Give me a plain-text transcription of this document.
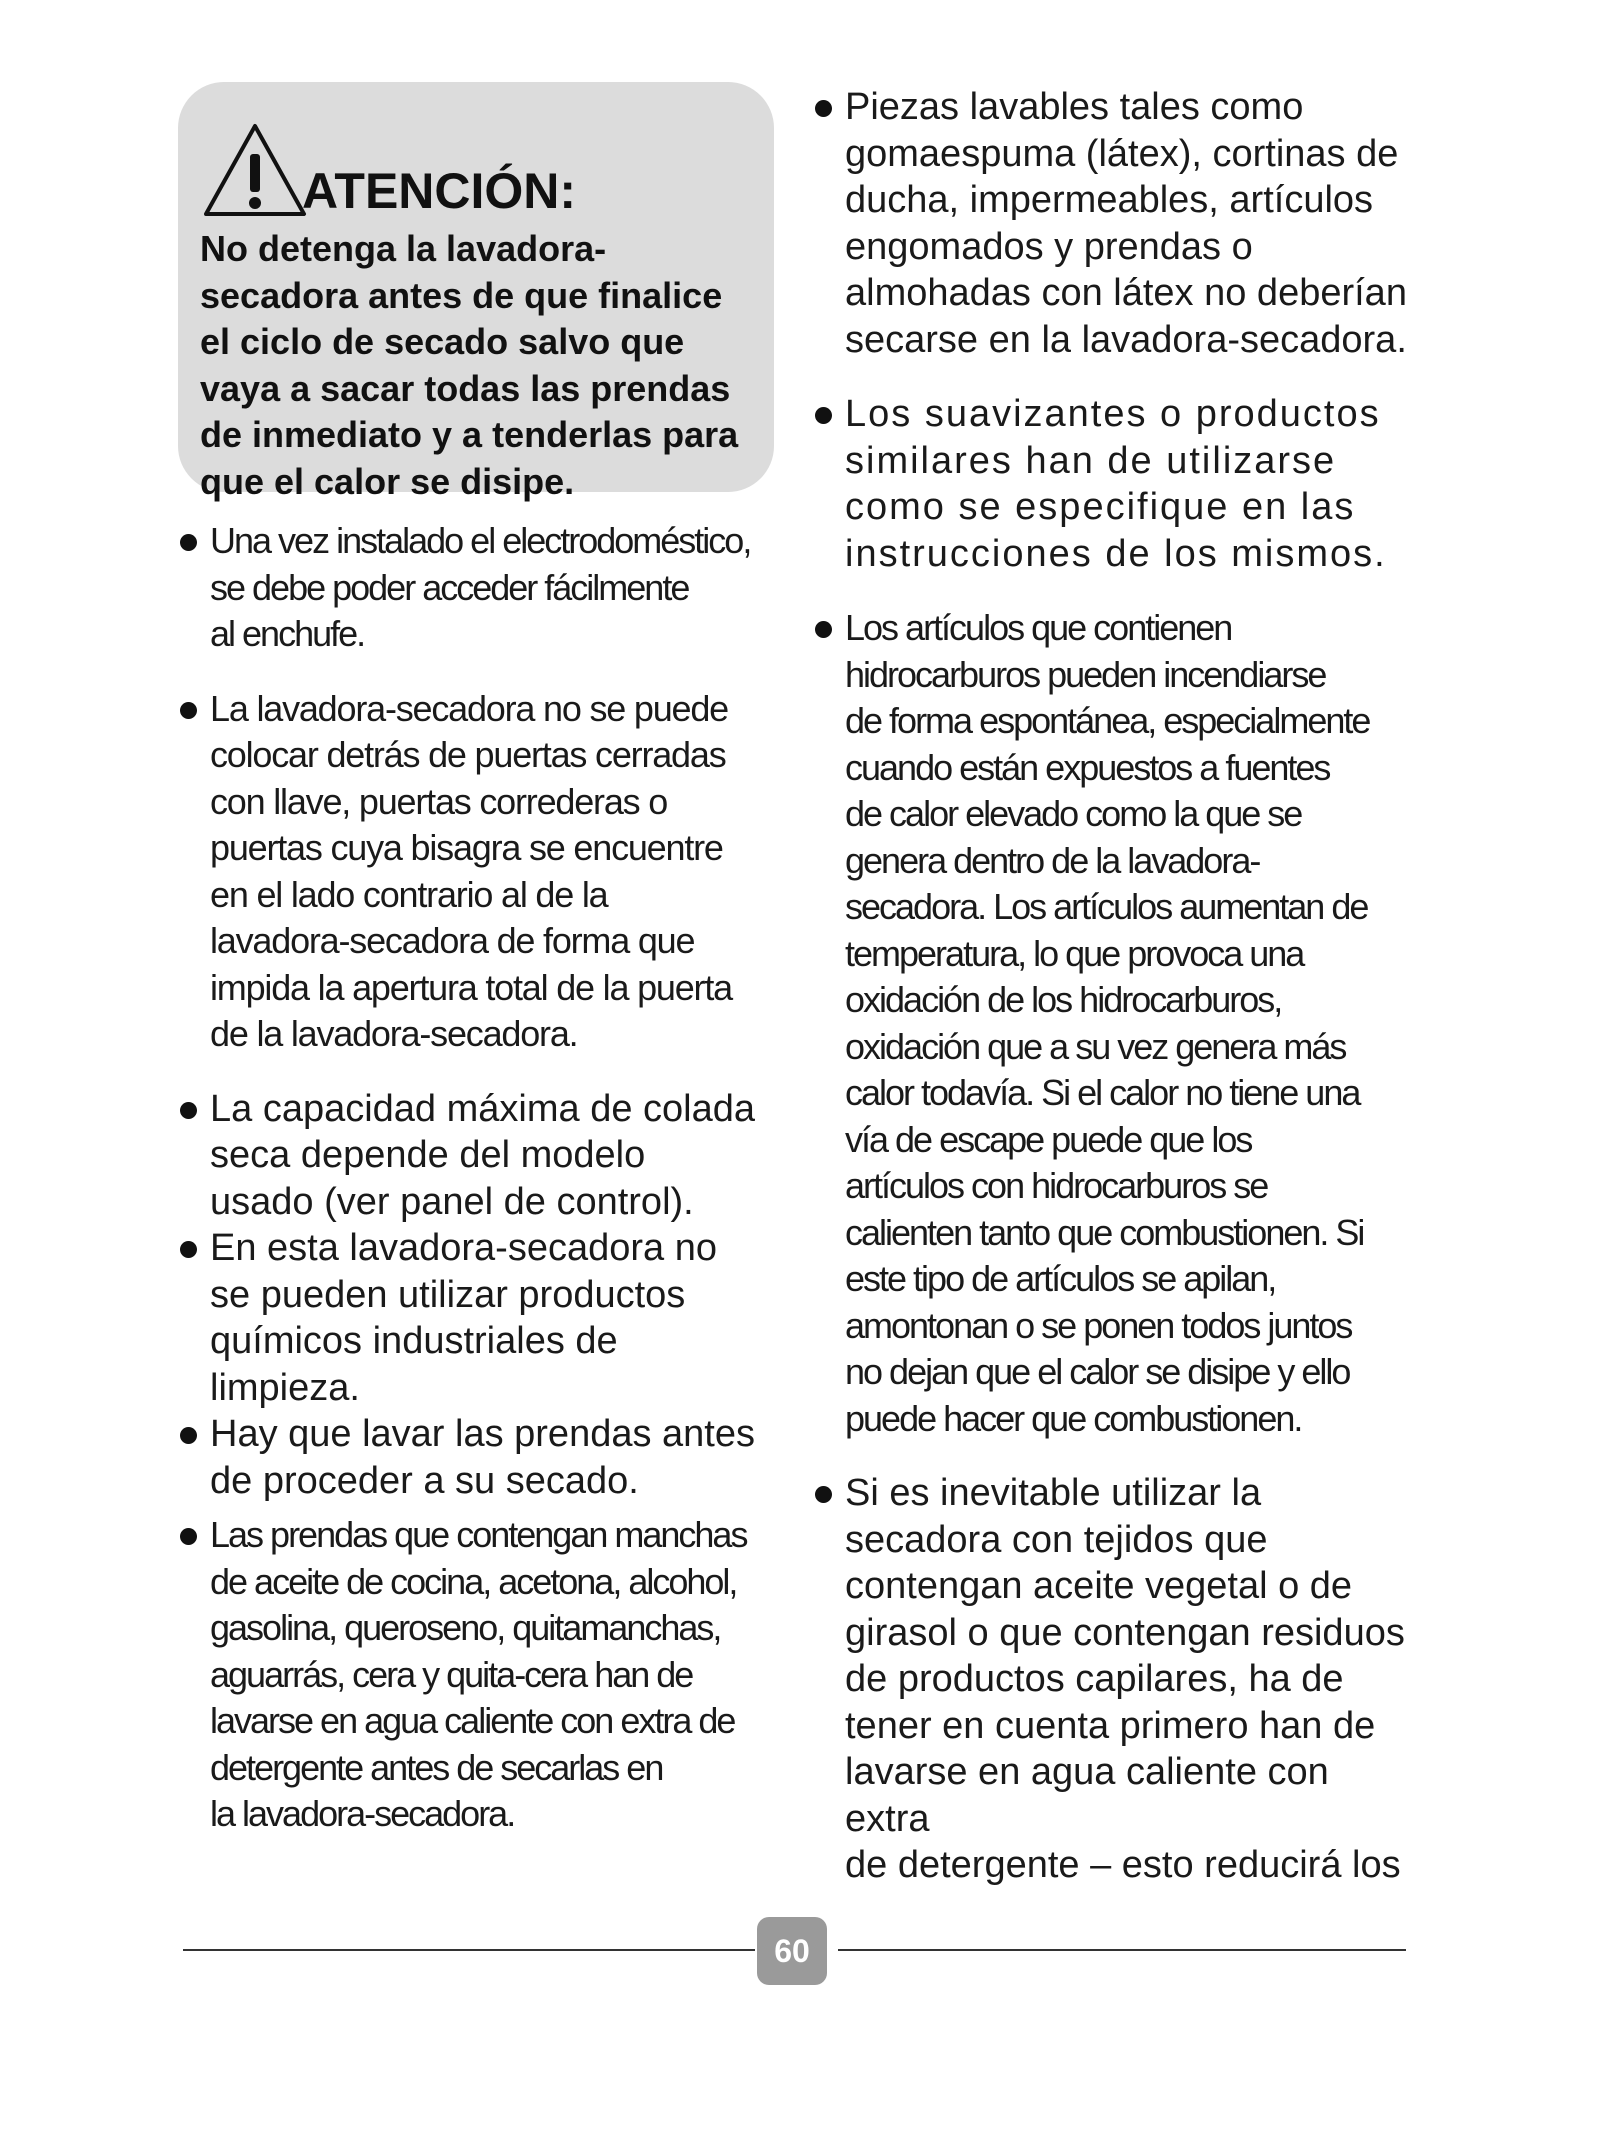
ATENCIÓN:
No detenga la lavadora-
secadora antes de que finalice
el ciclo de secado salvo que
vaya a sacar todas las prendas
de inmediato y a tenderlas para
que el calor se disipe.
Una vez instalado el electrodoméstico,
se debe poder acceder fácilmente
al enchufe.
La lavadora-secadora no se puede
colocar detrás de puertas cerradas
con llave, puertas correderas o
puertas cuya bisagra se encuentre
en el lado contrario al de la
lavadora-secadora de forma que
impida la apertura total de la puerta
de la lavadora-secadora.
La capacidad máxima de colada
seca depende del modelo
usado (ver panel de control).
En esta lavadora-secadora no
se pueden utilizar productos
químicos industriales de limpieza.
Hay que lavar las prendas antes
de proceder a su secado.
Las prendas que contengan manchas
de aceite de cocina, acetona, alcohol,
gasolina, queroseno, quitamanchas,
aguarrás, cera y quita-cera han de
lavarse en agua caliente con extra de
detergente antes de secarlas en
la lavadora-secadora.
Piezas lavables tales como
gomaespuma (látex), cortinas de
ducha, impermeables, artículos
engomados y prendas o
almohadas con látex no deberían
secarse en la lavadora-secadora.
Los suavizantes o productos
similares han de utilizarse
como se especifique en las
instrucciones de los mismos.
Los artículos que contienen
hidrocarburos pueden incendiarse
de forma espontánea, especialmente
cuando están expuestos a fuentes
de calor elevado como la que se
genera dentro de la lavadora-
secadora. Los artículos aumentan de
temperatura, lo que provoca una
oxidación de los hidrocarburos,
oxidación que a su vez genera más
calor todavía. Si el calor no tiene una
vía de escape puede que los
artículos con hidrocarburos se
calienten tanto que combustionen. Si
este tipo de artículos se apilan,
amontonan o se ponen todos juntos
no dejan que el calor se disipe y ello
puede hacer que combustionen.
Si es inevitable utilizar la
secadora con tejidos que
contengan aceite vegetal o de
girasol o que contengan residuos
de productos capilares, ha de
tener en cuenta primero han de
lavarse en agua caliente con extra
de detergente – esto reducirá los
60
